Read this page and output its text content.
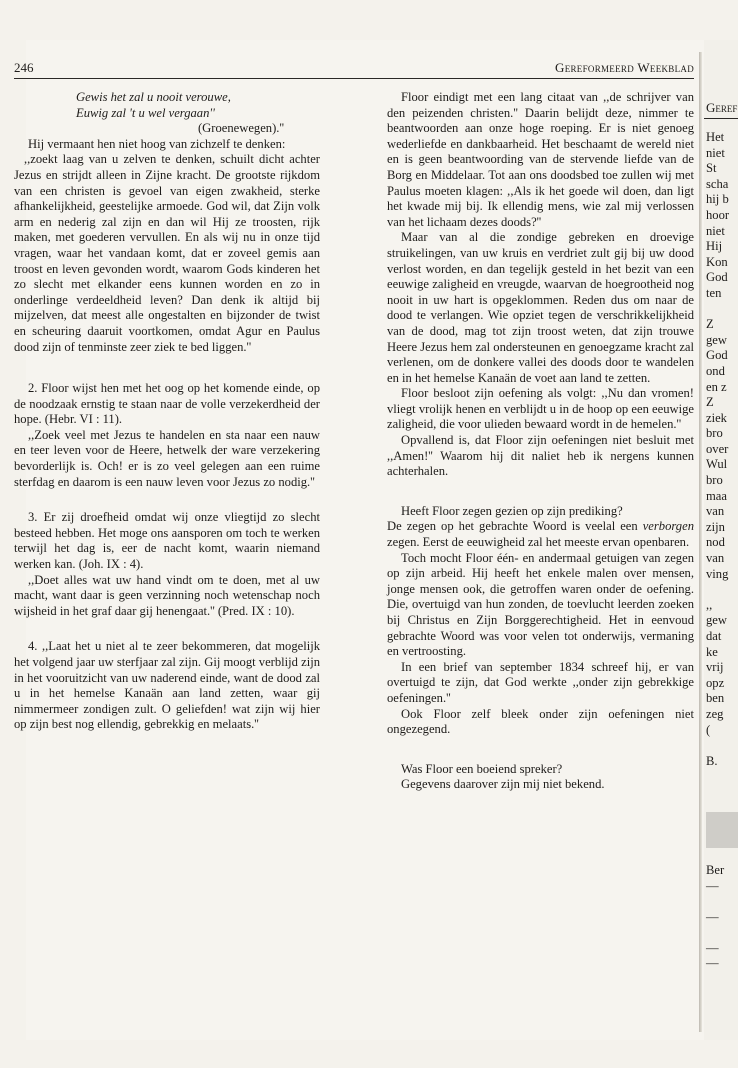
Geref
Het
niet
St
scha
hij b
hoor
niet
Hij
Kon
God
ten

Z
gew
God
ond
en z
Z
ziek
bro
over
Wul
bro
maa
van
zijn
nod
van
ving

,,
gew
dat
ke
vrij
opz
ben
zeg
(

B.

Ber
—

—

—
—
246	Gereformeerd Weekblad
Gewis het zal u nooit verouwe,
Euwig zal 't u wel vergaan''
(Groenewegen).''

Hij vermaant hen niet hoog van zichzelf te denken:

,,zoekt laag van u zelven te denken, schuilt dicht achter Jezus en strijdt alleen in Zijne kracht. De grootste rijkdom van een christen is gevoel van eigen zwakheid, sterke afhankelijkheid, geestelijke armoede. God wil, dat Zijn volk arm en nederig zal zijn en dan wil Hij ze troosten, rijk maken, met goederen vervullen. En als wij nu in onze tijd vragen, waar het vandaan komt, dat er zoveel gemis aan troost en leven gevonden wordt, waarom Gods kinderen het zo slecht met elkander eens kunnen worden en zo in onderlinge verdeeldheid leven? Dan denk ik altijd bij mijzelven, dat meest alle ongestalten en bijzonder de twist en scheuring daaruit voortkomen, omdat Agur en Paulus dood zijn of tenminste zeer ziek te bed liggen.''

2. Floor wijst hen met het oog op het komende einde, op de noodzaak ernstig te staan naar de volle verzekerdheid der hope. (Hebr. VI : 11).

,,Zoek veel met Jezus te handelen en sta naar een nauw en teer leven voor de Heere, hetwelk der ware verzekering bevorderlijk is. Och! er is zo veel gelegen aan een ruime sterfdag en daarom is een nauw leven voor Jezus zo nodig.''

3. Er zij droefheid omdat wij onze vliegtijd zo slecht besteed hebben. Het moge ons aansporen om toch te werken terwijl het dag is, eer de nacht komt, waarin niemand werken kan. (Joh. IX : 4).

,,Doet alles wat uw hand vindt om te doen, met al uw macht, want daar is geen verzinning noch wetenschap noch wijsheid in het graf daar gij henengaat.'' (Pred. IX : 10).

4. ,,Laat het u niet al te zeer bekommeren, dat mogelijk het volgend jaar uw sterfjaar zal zijn. Gij moogt verblijd zijn in het vooruitzicht van uw naderend einde, want de dood zal u in het hemelse Kanaän aan land zetten, waar gij nimmermeer zondigen zult. O geliefden! wat zijn wij hier op zijn best nog ellendig, gebrekkig en melaats.''

Floor eindigt met een lang citaat van ,,de schrijver van den peizenden christen.'' Daarin belijdt deze, nimmer te beantwoorden aan onze hoge roeping. Er is niet genoeg wederliefde en dankbaarheid. Het beschaamt de wereld niet en is geen beantwoording van de stervende liefde van de Borg en Middelaar. Tot aan ons doodsbed toe zullen wij met Paulus moeten klagen: ,,Als ik het goede wil doen, dan ligt het kwade mij bij. Ik ellendig mens, wie zal mij verlossen van het lichaam dezes doods?''

Maar van al die zondige gebreken en droevige struikelingen, van uw kruis en verdriet zult gij bij uw dood verlost worden, en dan tegelijk gesteld in het bezit van een eeuwige zaligheid en vreugde, waarvan de hoegrootheid nog nooit in uw hart is opgeklommen. Reden dus om naar de dood te verlangen. Wie opziet tegen de verschrikkelijkheid van de dood, mag tot zijn troost weten, dat zijn trouwe Heere Jezus hem zal ondersteunen en genoegzame kracht zal verlenen, om de donkere vallei des doods door te wandelen en in het hemelse Kanaän de voet aan land te zetten.

Floor besloot zijn oefening als volgt: ,,Nu dan vromen! vliegt vrolijk henen en verblijdt u in de hoop op een eeuwige zaligheid, die voor ulieden bewaard wordt in de hemelen.''

Opvallend is, dat Floor zijn oefeningen niet besluit met ,,Amen!'' Waarom hij dit naliet heb ik nergens kunnen achterhalen.

Heeft Floor zegen gezien op zijn prediking?

De zegen op het gebrachte Woord is veelal een verborgen zegen. Eerst de eeuwigheid zal het meeste ervan openbaren.

Toch mocht Floor één- en andermaal getuigen van zegen op zijn arbeid. Hij heeft het enkele malen over mensen, jonge mensen ook, die getroffen waren onder de oefening. Die, overtuigd van hun zonden, de toevlucht leerden zoeken bij Christus en Zijn Borggerechtigheid. Het in eenvoud gebrachte Woord was voor velen tot onderwijs, vermaning en vertroosting.

In een brief van september 1834 schreef hij, er van overtuigd te zijn, dat God werkte ,,onder zijn gebrekkige oefeningen.''

Ook Floor zelf bleek onder zijn oefeningen niet ongezegend.

Was Floor een boeiend spreker?

Gegevens daarover zijn mij niet bekend.
